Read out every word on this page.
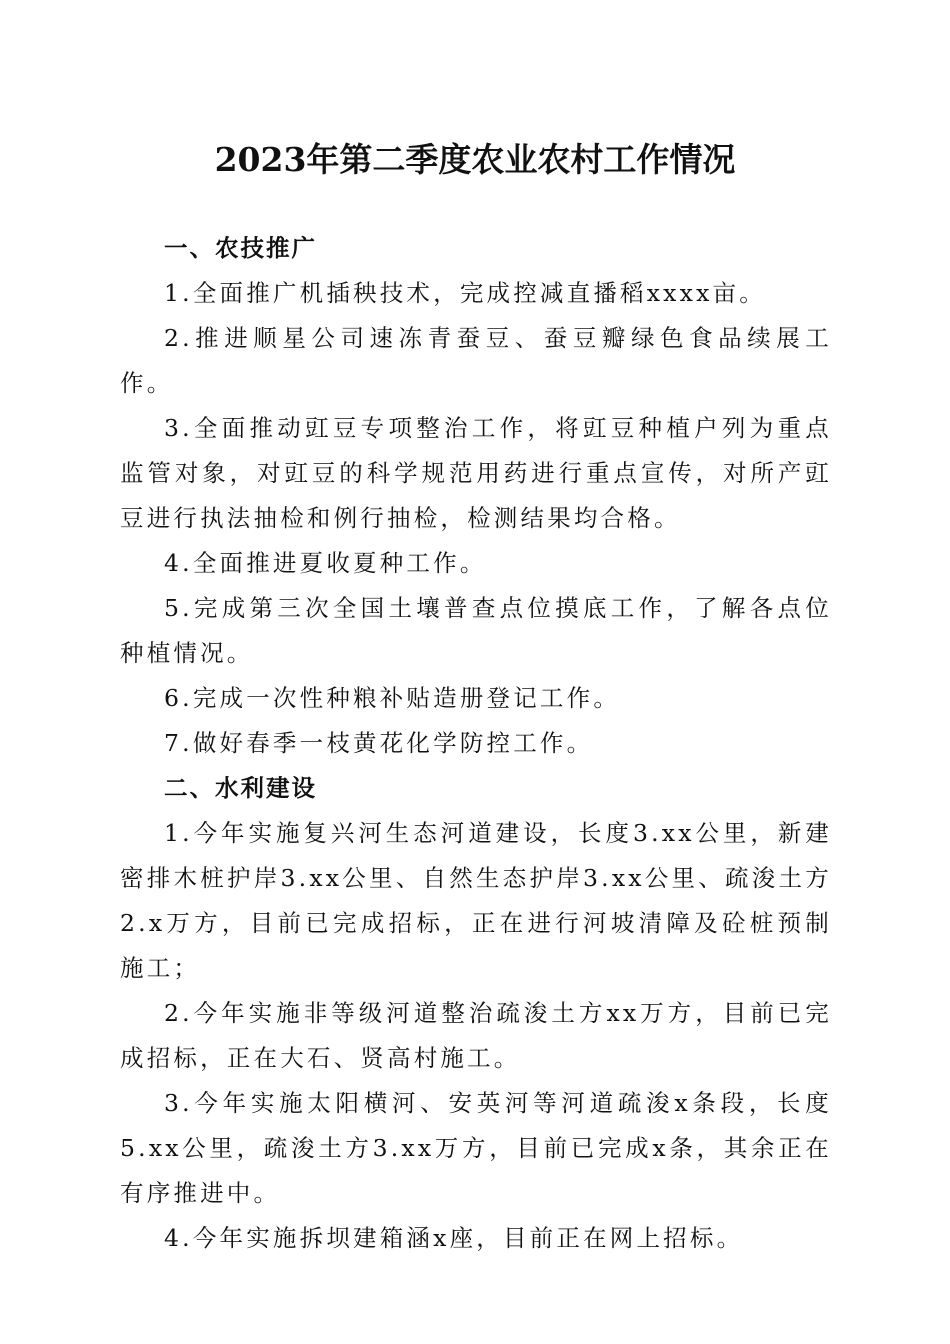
2023年第二季度农业农村工作情况
一、农技推广

1.全面推广机插秧技术，完成控减直播稻xxxx亩。

2.推进顺星公司速冻青蚕豆、蚕豆瓣绿色食品续展工作。

3.全面推动豇豆专项整治工作，将豇豆种植户列为重点监管对象，对豇豆的科学规范用药进行重点宣传，对所产豇豆进行执法抽检和例行抽检，检测结果均合格。

4.全面推进夏收夏种工作。

5.完成第三次全国土壤普查点位摸底工作，了解各点位种植情况。

6.完成一次性种粮补贴造册登记工作。

7.做好春季一枝黄花化学防控工作。

二、水利建设

1.今年实施复兴河生态河道建设，长度3.xx公里，新建密排木桩护岸3.xx公里、自然生态护岸3.xx公里、疏浚土方2.x万方，目前已完成招标，正在进行河坡清障及砼桩预制施工；

2.今年实施非等级河道整治疏浚土方xx万方，目前已完成招标，正在大石、贤高村施工。

3.今年实施太阳横河、安英河等河道疏浚x条段，长度5.xx公里，疏浚土方3.xx万方，目前已完成x条，其余正在有序推进中。

4.今年实施拆坝建箱涵x座，目前正在网上招标。
